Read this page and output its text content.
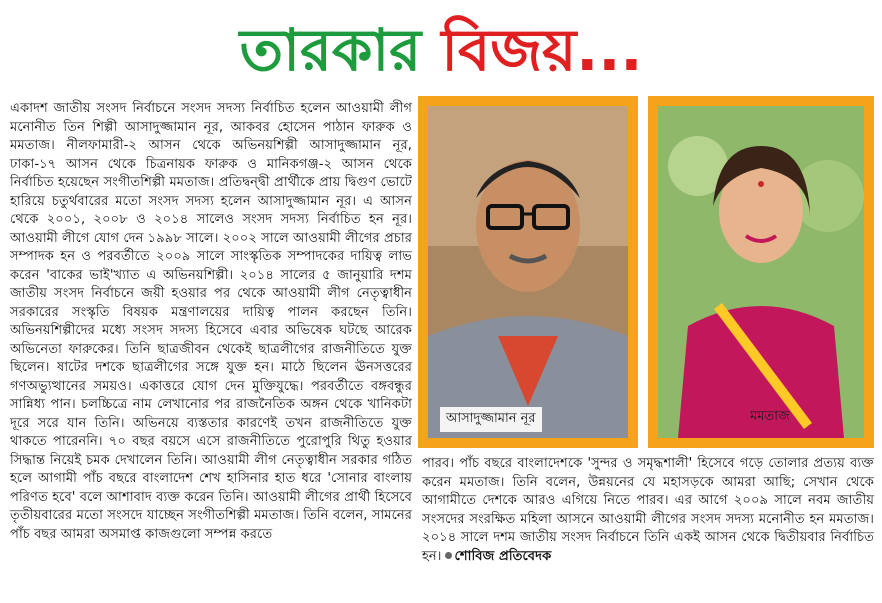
তারকার বিজয়...

একাদশ জাতীয় সংসদ নির্বাচনে সংসদ সদস্য নির্বাচিত হলেন আওয়ামী লীগ মনোনীত তিন শিল্পী আসাদুজ্জামান নূর, আকবর হোসেন পাঠান ফারুক ও মমতাজ। নীলফামারী-২ আসন থেকে অভিনয়শিল্পী আসাদুজ্জামান নূর, ঢাকা-১৭ আসন থেকে চিত্রনায়ক ফারুক ও মানিকগঞ্জ-২ আসন থেকে নির্বাচিত হয়েছেন সংগীতশিল্পী মমতাজ। প্রতিদ্বন্দ্বী প্রার্থীকে প্রায় দ্বিগুণ ভোটে হারিয়ে চতুর্থবারের মতো সংসদ সদস্য হলেন আসাদুজ্জামান নূর। এ আসন থেকে ২০০১, ২০০৮ ও ২০১৪ সালেও সংসদ সদস্য নির্বাচিত হন নূর। আওয়ামী লীগে যোগ দেন ১৯৯৮ সালে। ২০০২ সালে আওয়ামী লীগের প্রচার সম্পাদক হন ও পরবর্তীতে ২০০৯ সালে সাংস্কৃতিক সম্পাদকের দায়িত্ব লাভ করেন 'বাকের ভাই'খ্যাত এ অভিনয়শিল্পী। ২০১৪ সালের ৫ জানুয়ারি দশম জাতীয় সংসদ নির্বাচনে জয়ী হওয়ার পর থেকে আওয়ামী লীগ নেতৃত্বাধীন সরকারের সংস্কৃতি বিষয়ক মন্ত্রণালয়ের দায়িত্ব পালন করছেন তিনি। অভিনয়শিল্পীদের মধ্যে সংসদ সদস্য হিসেবে এবার অভিষেক ঘটছে আরেক অভিনেতা ফারুকের। তিনি ছাত্রজীবন থেকেই ছাত্রলীগের রাজনীতিতে যুক্ত ছিলেন। ষাটের দশকে ছাত্রলীগের সঙ্গে যুক্ত হন। মাঠে ছিলেন ঊনসত্তরের গণঅভ্যুত্থানের সময়ও। একাত্তরে যোগ দেন মুক্তিযুদ্ধে। পরবর্তীতে বঙ্গবন্ধুর সান্নিধ্য পান। চলচ্চিত্রে নাম লেখানোর পর রাজনৈতিক অঙ্গন থেকে খানিকটা দূরে সরে যান তিনি। অভিনয়ে ব্যস্ততার কারণেই তখন রাজনীতিতে যুক্ত থাকতে পারেননি। ৭০ বছর বয়সে এসে রাজনীতিতে পুরোপুরি থিতু হওয়ার সিদ্ধান্ত নিয়েই চমক দেখালেন তিনি। আওয়ামী লীগ নেতৃত্বাধীন সরকার গঠিত হলে আগামী পাঁচ বছরে বাংলাদেশ শেখ হাসিনার হাত ধরে 'সোনার বাংলায় পরিণত হবে' বলে আশাবাদ ব্যক্ত করেন তিনি। আওয়ামী লীগের প্রার্থী হিসেবে তৃতীয়বারের মতো সংসদে যাচ্ছেন সংগীতশিল্পী মমতাজ। তিনি বলেন, সামনের পাঁচ বছর আমরা অসমাপ্ত কাজগুলো সম্পন্ন করতে

আসাদুজ্জামান নূর	মমতাজ

পারব। পাঁচ বছরে বাংলাদেশকে 'সুন্দর ও সমৃদ্ধশালী' হিসেবে গড়ে তোলার প্রত্যয় ব্যক্ত করেন মমতাজ। তিনি বলেন, উন্নয়নের যে মহাসড়কে আমরা আছি; সেখান থেকে আগামীতে দেশকে আরও এগিয়ে নিতে পারব। এর আগে ২০০৯ সালে নবম জাতীয় সংসদের সংরক্ষিত মহিলা আসনে আওয়ামী লীগের সংসদ সদস্য মনোনীত হন মমতাজ। ২০১৪ সালে দশম জাতীয় সংসদ নির্বাচনে তিনি একই আসন থেকে দ্বিতীয়বার নির্বাচিত হন। শোবিজ প্রতিবেদক
